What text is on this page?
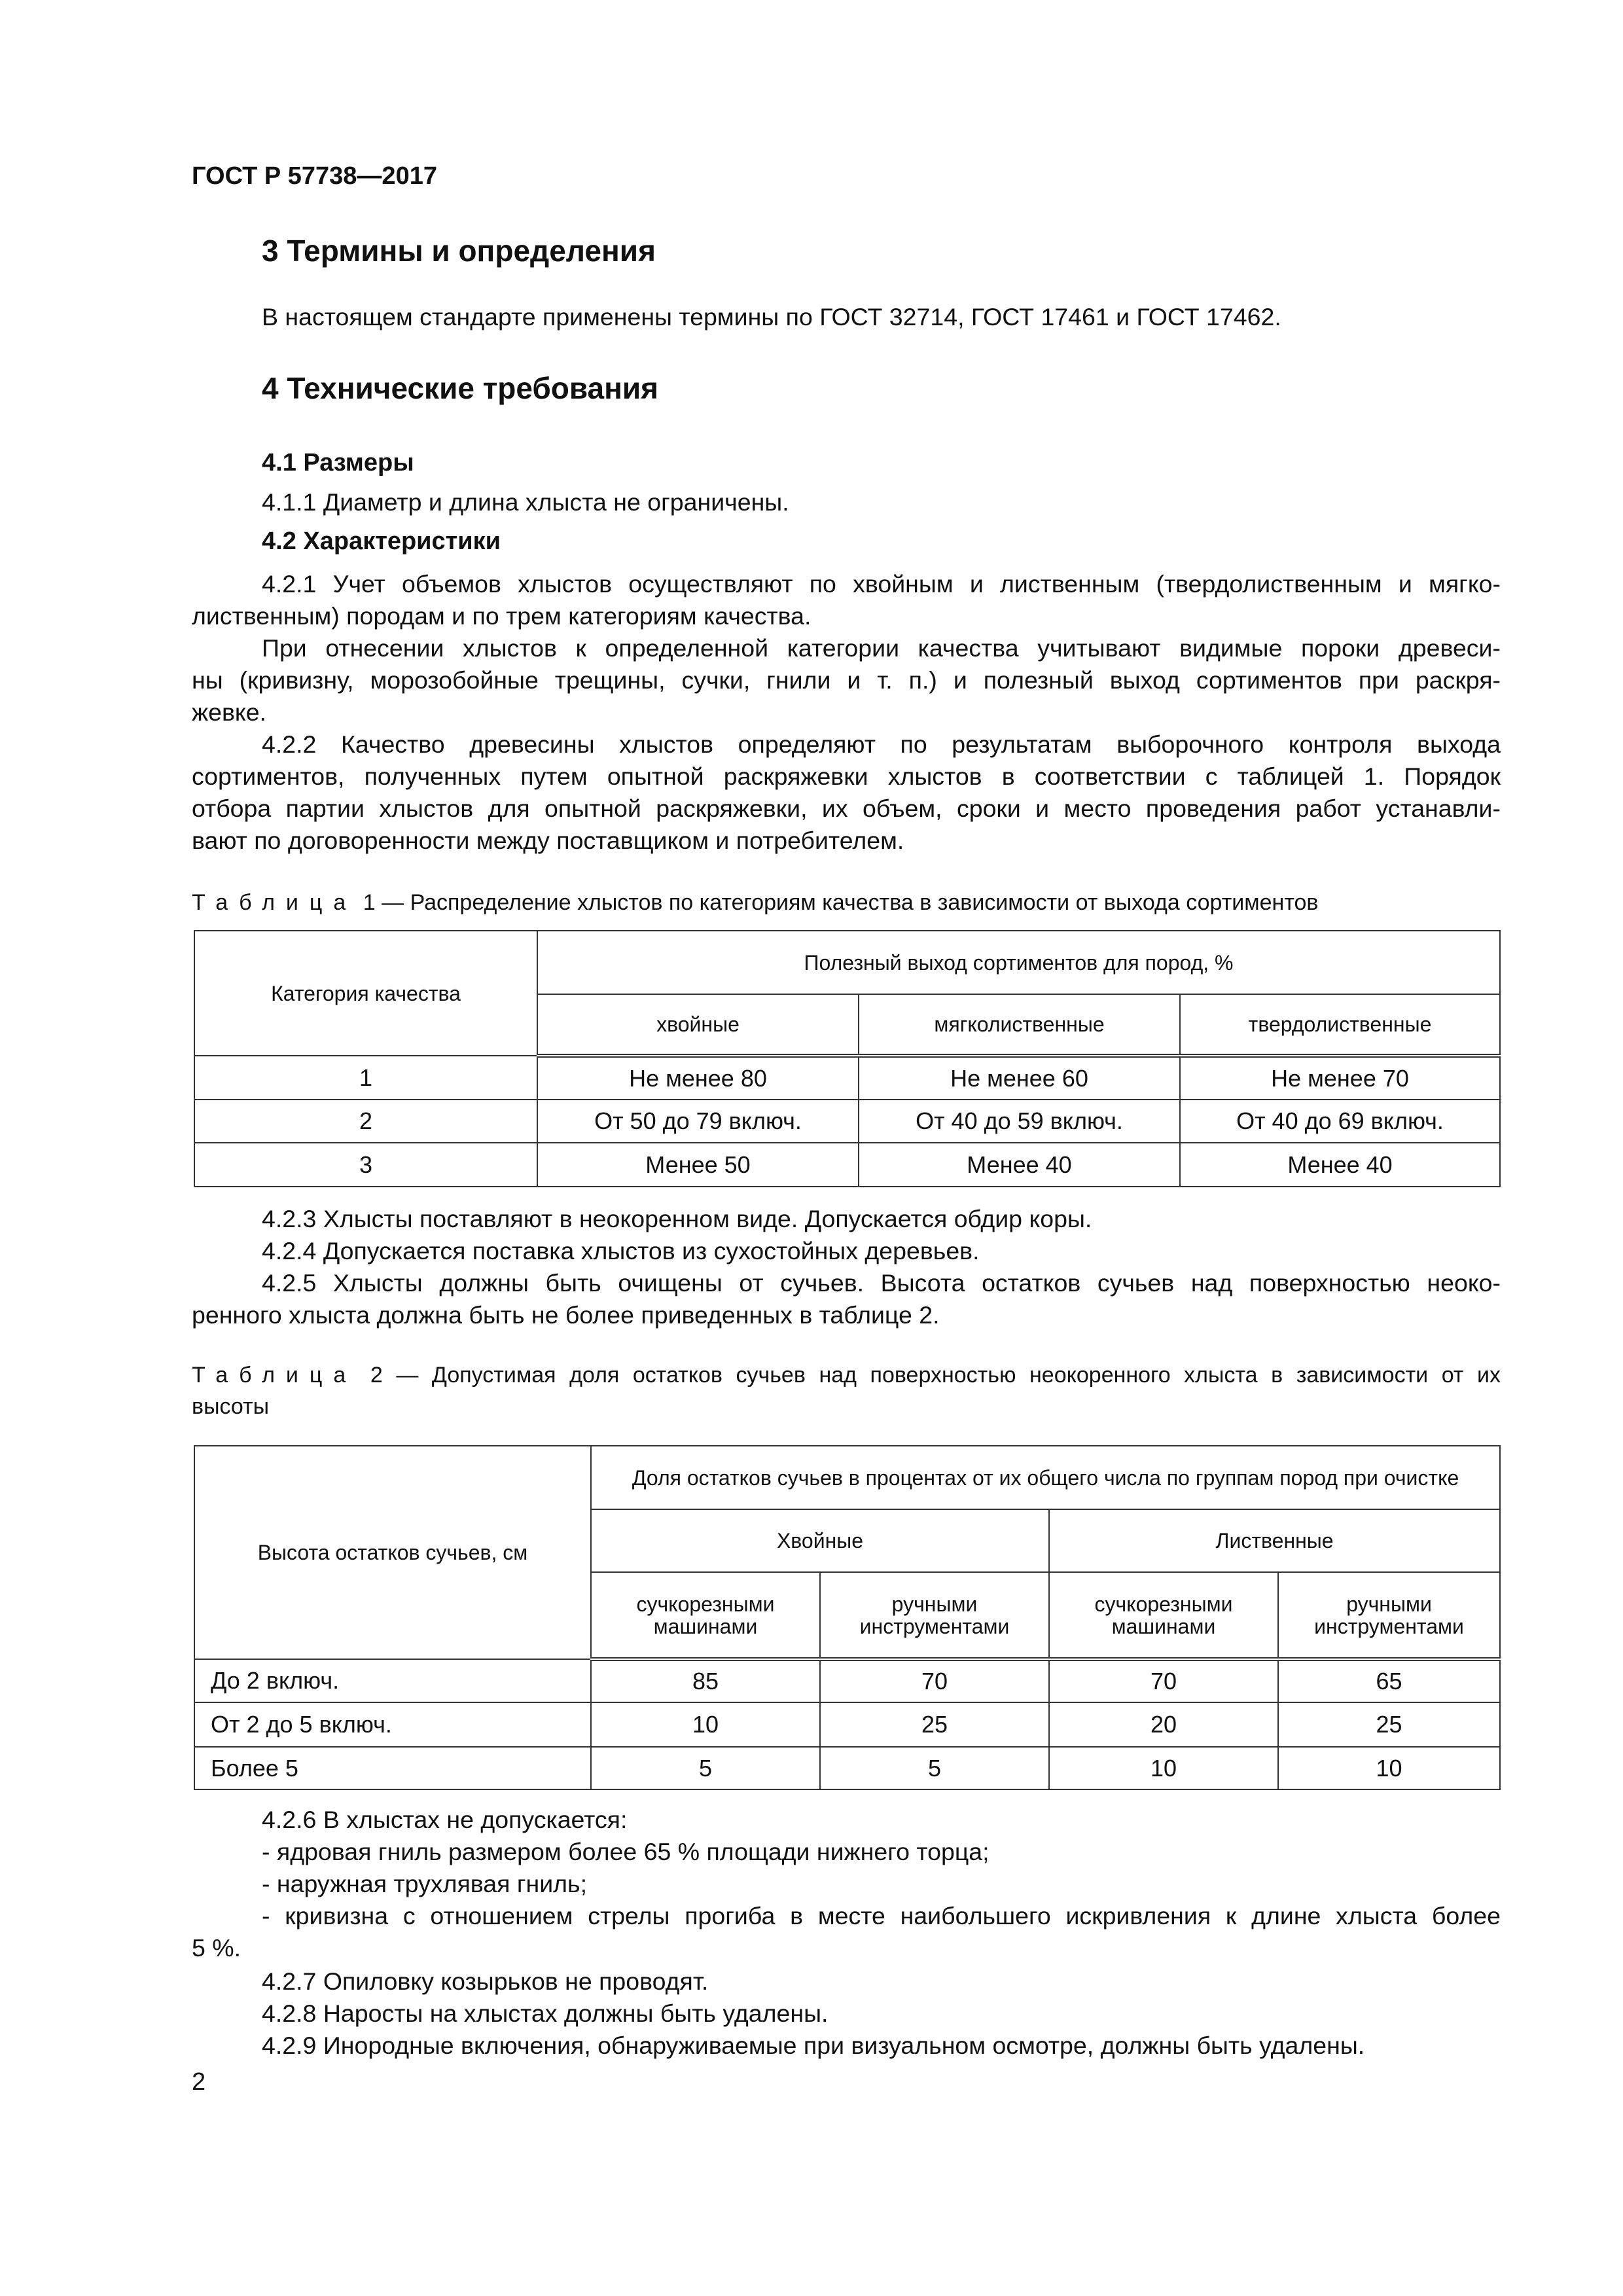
ГОСТ Р 57738—2017
3 Термины и определения
В настоящем стандарте применены термины по ГОСТ 32714, ГОСТ 17461 и ГОСТ 17462.
4 Технические требования
4.1 Размеры
4.1.1 Диаметр и длина хлыста не ограничены.
4.2 Характеристики
4.2.1 Учет объемов хлыстов осуществляют по хвойным и лиственным (твердолиственным и мягко-
лиственным) породам и по трем категориям качества.
При отнесении хлыстов к определенной категории качества учитывают видимые пороки древеси-
ны (кривизну, морозобойные трещины, сучки, гнили и т. п.) и полезный выход сортиментов при раскря-
жевке.
4.2.2 Качество древесины хлыстов определяют по результатам выборочного контроля выхода
сортиментов, полученных путем опытной раскряжевки хлыстов в соответствии с таблицей 1. Порядок
отбора партии хлыстов для опытной раскряжевки, их объем, сроки и место проведения работ устанавли-
вают по договоренности между поставщиком и потребителем.
Таблица 1 — Распределение хлыстов по категориям качества в зависимости от выхода сортиментов
Категория качества	Полезный выход сортиментов для пород, %		
	хвойные	мягколиственные	твердолиственные
1	Не менее 80	Не менее 60	Не менее 70
2	От 50 до 79 включ.	От 40 до 59 включ.	От 40 до 69 включ.
3	Менее 50	Менее 40	Менее 40
4.2.3 Хлысты поставляют в неокоренном виде. Допускается обдир коры.
4.2.4 Допускается поставка хлыстов из сухостойных деревьев.
4.2.5 Хлысты должны быть очищены от сучьев. Высота остатков сучьев над поверхностью неоко-
ренного хлыста должна быть не более приведенных в таблице 2.
Таблица 2 — Допустимая доля остатков сучьев над поверхностью неокоренного хлыста в зависимости от их
высоты
Высота остатков сучьев, см	Доля остатков сучьев в процентах от их общего числа по группам пород при очистке			
	Хвойные		Лиственные	
	сучкорезными машинами	ручными инструментами	сучкорезными машинами	ручными инструментами
До 2 включ.	85	70	70	65
От 2 до 5 включ.	10	25	20	25
Более 5	5	5	10	10
4.2.6 В хлыстах не допускается:
- ядровая гниль размером более 65 % площади нижнего торца;
- наружная трухлявая гниль;
- кривизна с отношением стрелы прогиба в месте наибольшего искривления к длине хлыста более
5 %.
4.2.7 Опиловку козырьков не проводят.
4.2.8 Наросты на хлыстах должны быть удалены.
4.2.9 Инородные включения, обнаруживаемые при визуальном осмотре, должны быть удалены.
2
